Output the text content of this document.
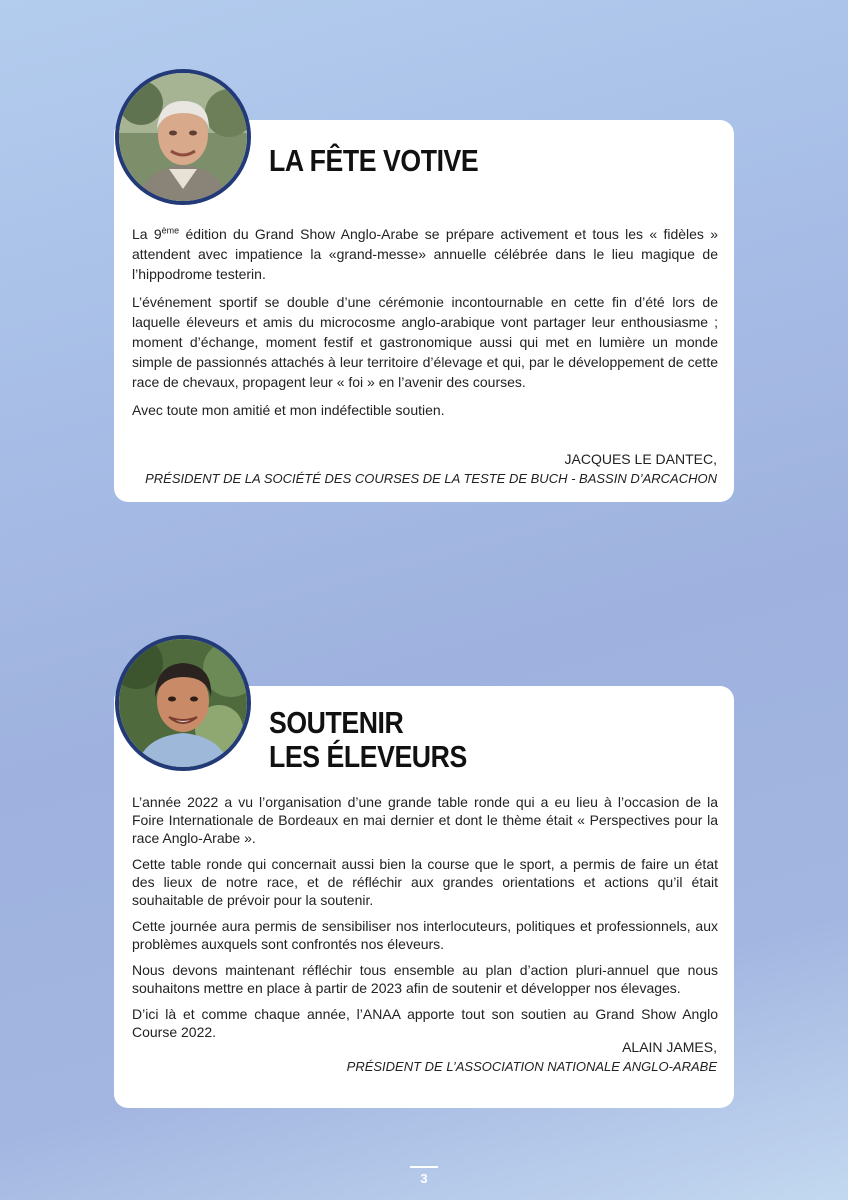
LA FÊTE VOTIVE

La 9ème édition du Grand Show Anglo-Arabe se prépare activement et tous les « fidèles » attendent avec impatience la «grand-messe» annuelle célébrée dans le lieu magique de l’hippodrome testerin.

L’événement sportif se double d’une cérémonie incontournable en cette fin d’été lors de laquelle éleveurs et amis du microcosme anglo-arabique vont partager leur enthousiasme ; moment d’échange, moment festif et gastronomique aussi qui met en lumière un monde simple de passionnés attachés à leur territoire d’élevage et qui, par le développement de cette race de chevaux, propagent leur « foi » en l’avenir des courses.

Avec toute mon amitié et mon indéfectible soutien.

JACQUES LE DANTEC,
PRÉSIDENT DE LA SOCIÉTÉ DES COURSES DE LA TESTE DE BUCH - BASSIN D’ARCACHON
SOUTENIR
LES ÉLEVEURS

L’année 2022 a vu l’organisation d’une grande table ronde qui a eu lieu à l’occasion de la Foire Internationale de Bordeaux en mai dernier et dont le thème était « Perspectives pour la race Anglo-Arabe ».

Cette table ronde qui concernait aussi bien la course que le sport, a permis de faire un état des lieux de notre race, et de réfléchir aux grandes orientations et actions qu’il était souhaitable de prévoir pour la soutenir.

Cette journée aura permis de sensibiliser nos interlocuteurs, politiques et professionnels, aux problèmes auxquels sont confrontés nos éleveurs.

Nous devons maintenant réfléchir tous ensemble au plan d’action pluri-annuel que nous souhaitons mettre en place à partir de 2023 afin de soutenir et développer nos élevages.

D’ici là et comme chaque année, l’ANAA apporte tout son soutien au Grand Show Anglo Course 2022.

ALAIN JAMES,
PRÉSIDENT DE L’ASSOCIATION NATIONALE ANGLO-ARABE
3
